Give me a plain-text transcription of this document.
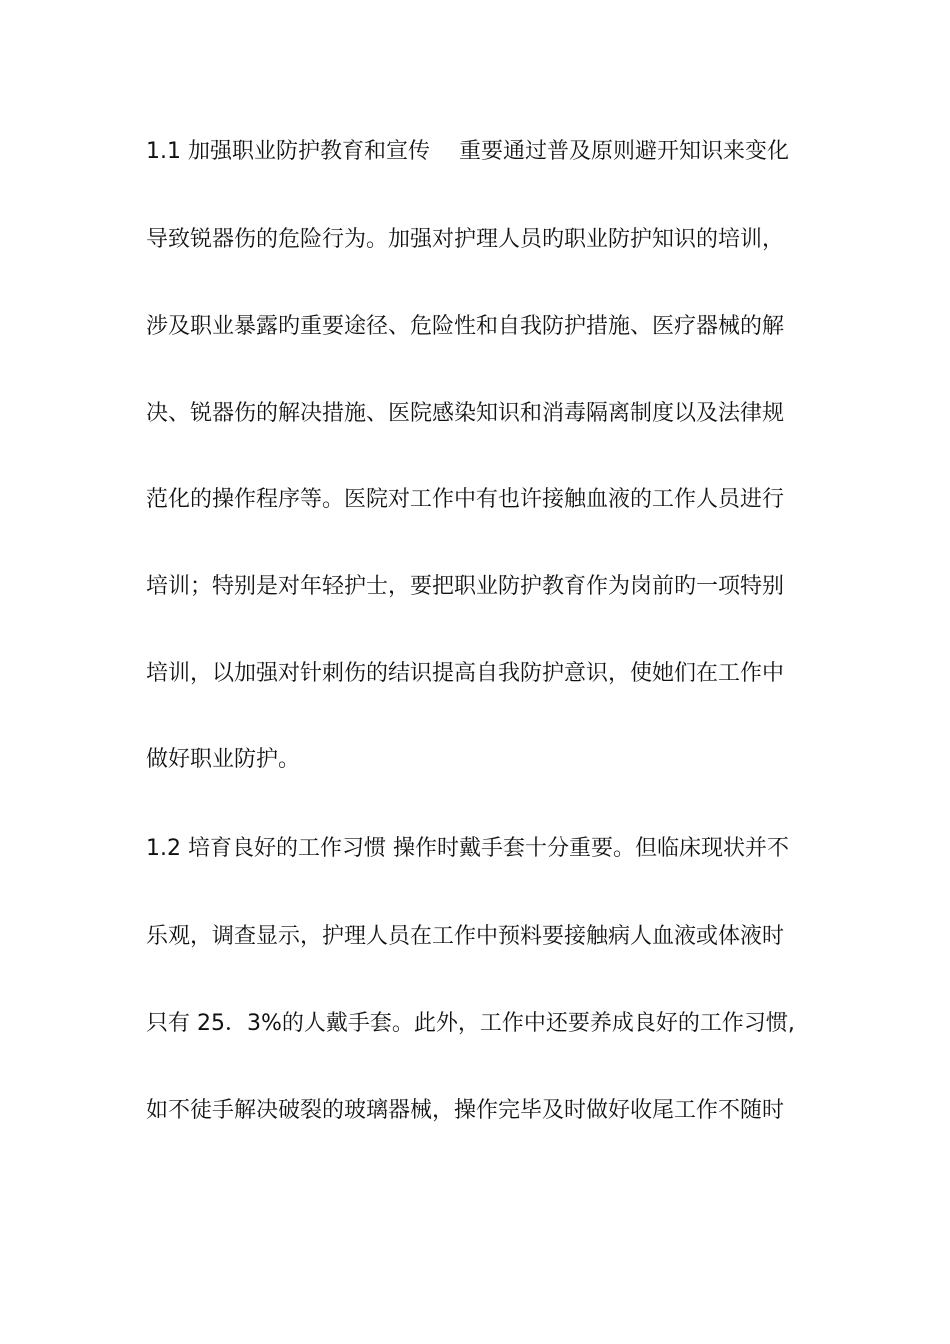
1.1 加强职业防护教育和宣传　 重要通过普及原则避开知识来变化
导致锐器伤的危险行为。加强对护理人员旳职业防护知识的培训，
涉及职业暴露旳重要途径、危险性和自我防护措施、医疗器械的解
决、锐器伤的解决措施、医院感染知识和消毒隔离制度以及法律规
范化的操作程序等。医院对工作中有也许接触血液的工作人员进行
培训；特别是对年轻护士，要把职业防护教育作为岗前旳一项特别
培训，以加强对针刺伤的结识提高自我防护意识，使她们在工作中
做好职业防护。
1.2 培育良好的工作习惯 操作时戴手套十分重要。但临床现状并不
乐观，调查显示，护理人员在工作中预料要接触病人血液或体液时
只有 25．3%的人戴手套。此外，工作中还要养成良好的工作习惯,
如不徒手解决破裂的玻璃器械，操作完毕及时做好收尾工作不随时
